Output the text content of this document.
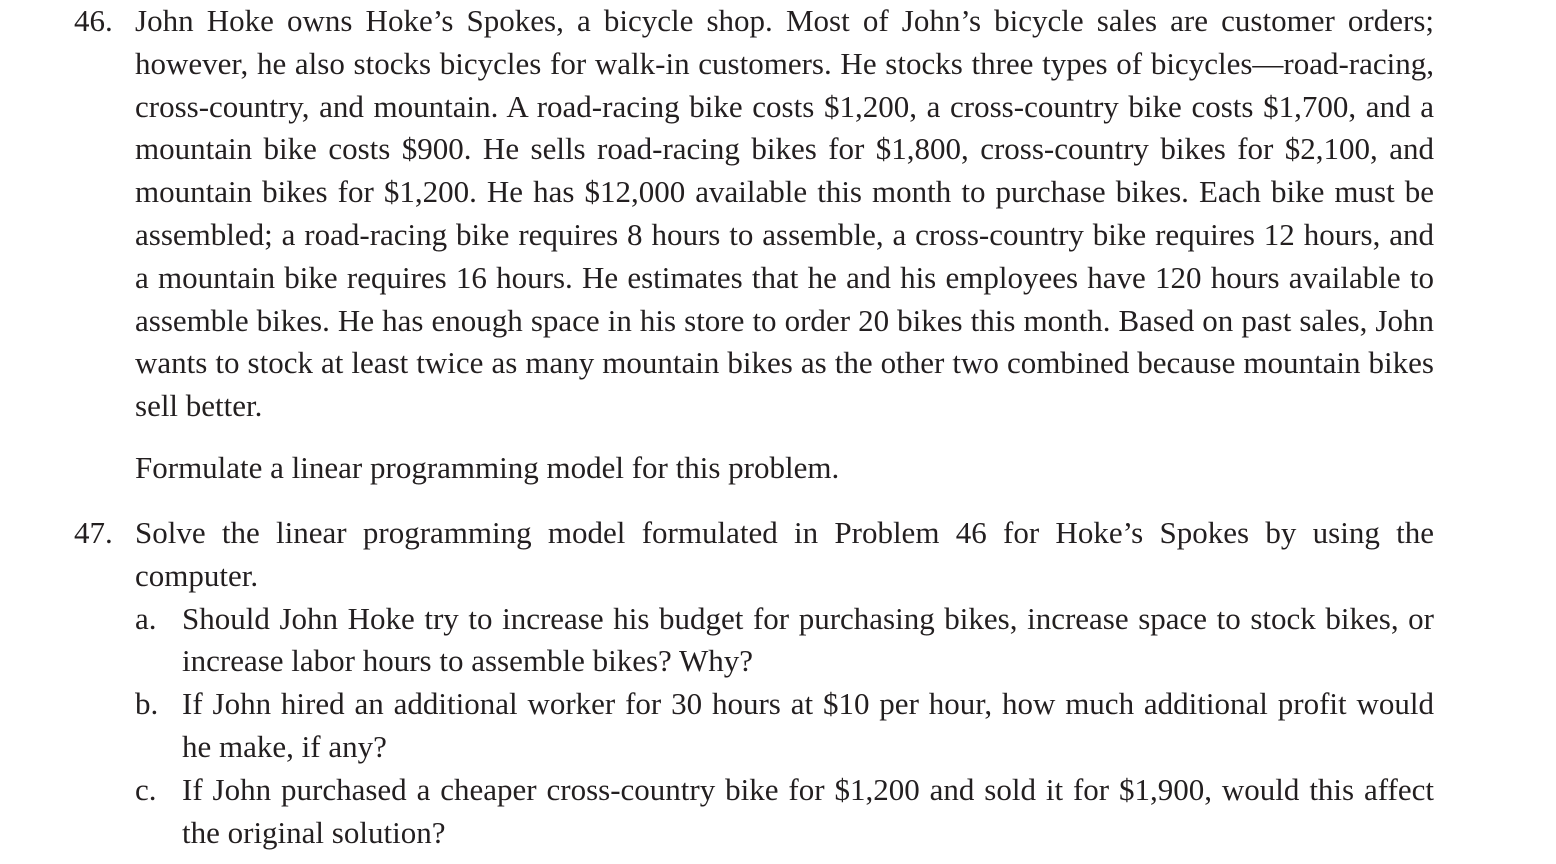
46. John Hoke owns Hoke’s Spokes, a bicycle shop. Most of John’s bicycle sales are customer orders; however, he also stocks bicycles for walk-in customers. He stocks three types of bicycles—road-racing, cross-country, and mountain. A road-racing bike costs $1,200, a cross-country bike costs $1,700, and a mountain bike costs $900. He sells road-racing bikes for $1,800, cross-country bikes for $2,100, and mountain bikes for $1,200. He has $12,000 available this month to purchase bikes. Each bike must be assembled; a road-racing bike requires 8 hours to assemble, a cross-country bike requires 12 hours, and a mountain bike requires 16 hours. He estimates that he and his employees have 120 hours available to assemble bikes. He has enough space in his store to order 20 bikes this month. Based on past sales, John wants to stock at least twice as many mountain bikes as the other two combined because mountain bikes sell better.
Formulate a linear programming model for this problem.
47. Solve the linear programming model formulated in Problem 46 for Hoke’s Spokes by using the computer.
a. Should John Hoke try to increase his budget for purchasing bikes, increase space to stock bikes, or increase labor hours to assemble bikes? Why?
b. If John hired an additional worker for 30 hours at $10 per hour, how much additional profit would he make, if any?
c. If John purchased a cheaper cross-country bike for $1,200 and sold it for $1,900, would this affect the original solution?
